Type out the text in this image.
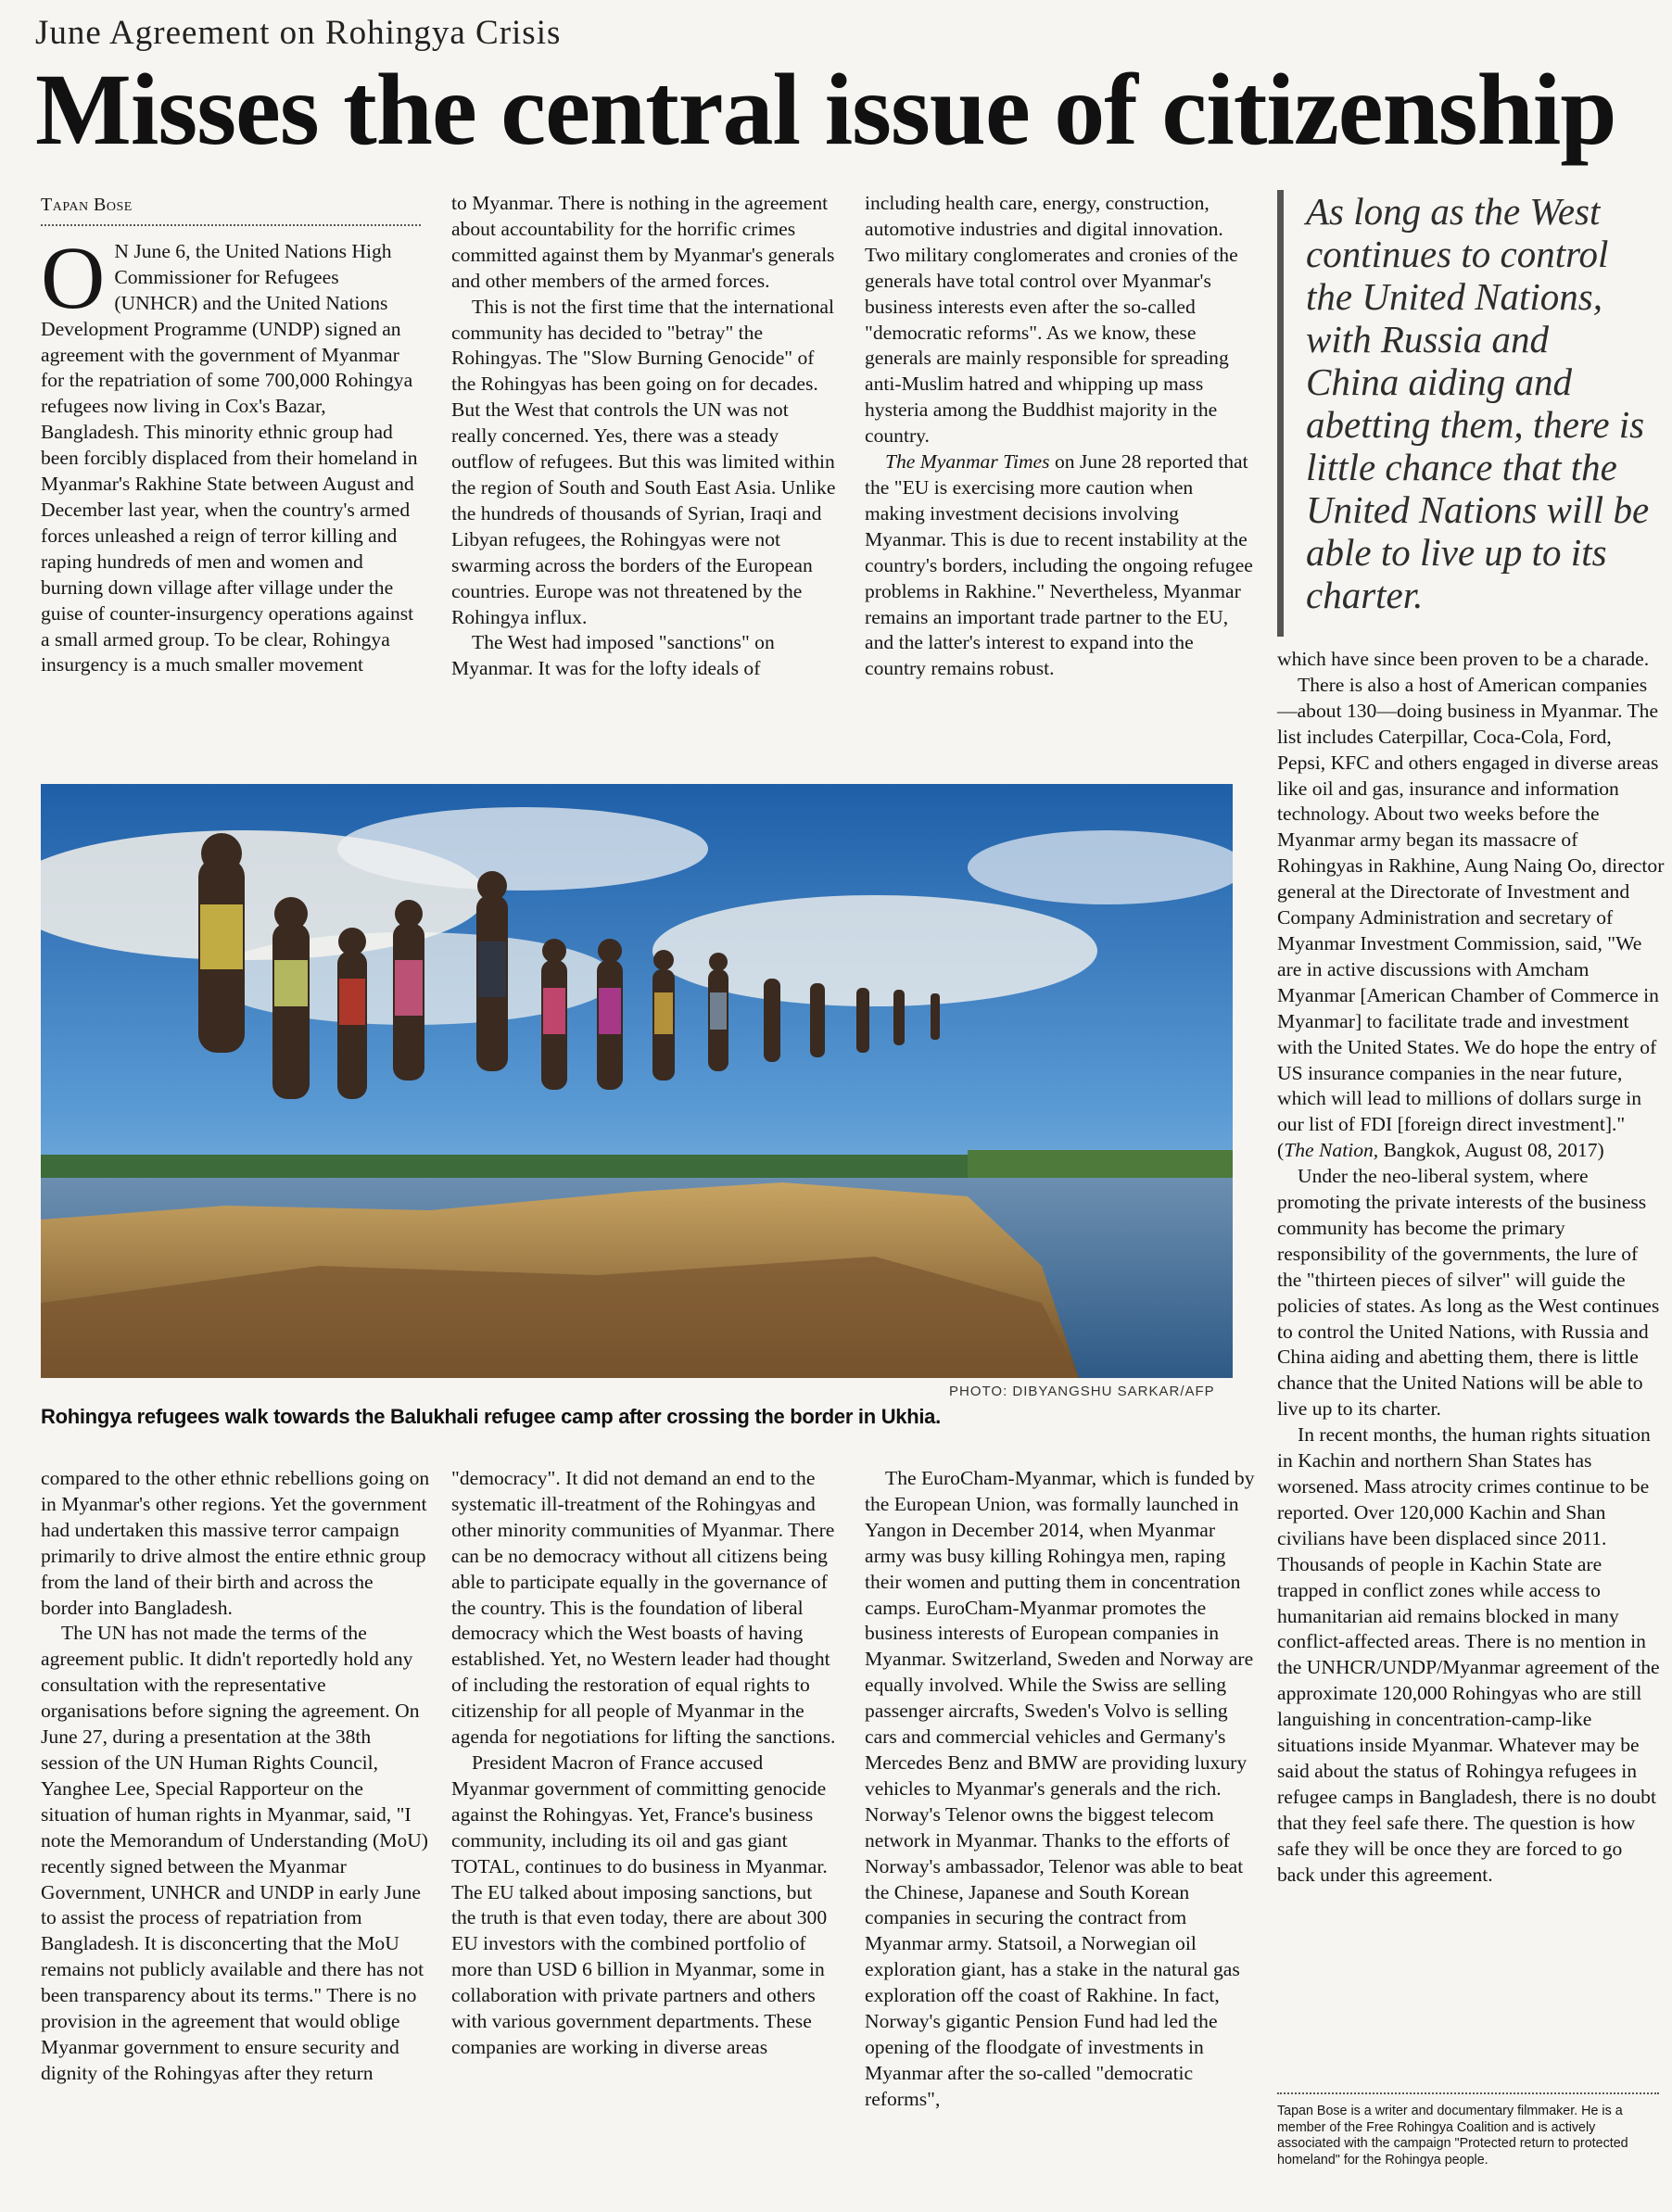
June Agreement on Rohingya Crisis
Misses the central issue of citizenship
Tapan Bose

O N June 6, the United Nations High Commissioner for Refugees (UNHCR) and the United Nations Development Programme (UNDP) signed an agreement with the government of Myanmar for the repatriation of some 700,000 Rohingya refugees now living in Cox's Bazar, Bangladesh. This minority ethnic group had been forcibly displaced from their homeland in Myanmar's Rakhine State between August and December last year, when the country's armed forces unleashed a reign of terror killing and raping hundreds of men and women and burning down village after village under the guise of counter-insurgency operations against a small armed group. To be clear, Rohingya insurgency is a much smaller movement

to Myanmar. There is nothing in the agreement about accountability for the horrific crimes committed against them by Myanmar's generals and other members of the armed forces.

This is not the first time that the international community has decided to "betray" the Rohingyas. The "Slow Burning Genocide" of the Rohingyas has been going on for decades. But the West that controls the UN was not really concerned. Yes, there was a steady outflow of refugees. But this was limited within the region of South and South East Asia. Unlike the hundreds of thousands of Syrian, Iraqi and Libyan refugees, the Rohingyas were not swarming across the borders of the European countries. Europe was not threatened by the Rohingya influx.

The West had imposed "sanctions" on Myanmar. It was for the lofty ideals of

including health care, energy, construction, automotive industries and digital innovation. Two military conglomerates and cronies of the generals have total control over Myanmar's business interests even after the so-called "democratic reforms". As we know, these generals are mainly responsible for spreading anti-Muslim hatred and whipping up mass hysteria among the Buddhist majority in the country.

The Myanmar Times on June 28 reported that the "EU is exercising more caution when making investment decisions involving Myanmar. This is due to recent instability at the country's borders, including the ongoing refugee problems in Rakhine." Nevertheless, Myanmar remains an important trade partner to the EU, and the latter's interest to expand into the country remains robust.

As long as the West continues to control the United Nations, with Russia and China aiding and abetting them, there is little chance that the United Nations will be able to live up to its charter.

which have since been proven to be a charade.

There is also a host of American companies—about 130—doing business in Myanmar. The list includes Caterpillar, Coca-Cola, Ford, Pepsi, KFC and others engaged in diverse areas like oil and gas, insurance and information technology. About two weeks before the Myanmar army began its massacre of Rohingyas in Rakhine, Aung Naing Oo, director general at the Directorate of Investment and Company Administration and secretary of Myanmar Investment Commission, said, "We are in active discussions with Amcham Myanmar [American Chamber of Commerce in Myanmar] to facilitate trade and investment with the United States. We do hope the entry of US insurance companies in the near future, which will lead to millions of dollars surge in our list of FDI [foreign direct investment]." (The Nation, Bangkok, August 08, 2017)

Under the neo-liberal system, where promoting the private interests of the business community has become the primary responsibility of the governments, the lure of the "thirteen pieces of silver" will guide the policies of states. As long as the West continues to control the United Nations, with Russia and China aiding and abetting them, there is little chance that the United Nations will be able to live up to its charter.

In recent months, the human rights situation in Kachin and northern Shan States has worsened. Mass atrocity crimes continue to be reported. Over 120,000 Kachin and Shan civilians have been displaced since 2011. Thousands of people in Kachin State are trapped in conflict zones while access to humanitarian aid remains blocked in many conflict-affected areas. There is no mention in the UNHCR/UNDP/Myanmar agreement of the approximate 120,000 Rohingyas who are still languishing in concentration-camp-like situations inside Myanmar. Whatever may be said about the status of Rohingya refugees in refugee camps in Bangladesh, there is no doubt that they feel safe there. The question is how safe they will be once they are forced to go back under this agreement.

PHOTO: DIBYANGSHU SARKAR/AFP
Rohingya refugees walk towards the Balukhali refugee camp after crossing the border in Ukhia.

compared to the other ethnic rebellions going on in Myanmar's other regions. Yet the government had undertaken this massive terror campaign primarily to drive almost the entire ethnic group from the land of their birth and across the border into Bangladesh.

The UN has not made the terms of the agreement public. It didn't reportedly hold any consultation with the representative organisations before signing the agreement. On June 27, during a presentation at the 38th session of the UN Human Rights Council, Yanghee Lee, Special Rapporteur on the situation of human rights in Myanmar, said, "I note the Memorandum of Understanding (MoU) recently signed between the Myanmar Government, UNHCR and UNDP in early June to assist the process of repatriation from Bangladesh. It is disconcerting that the MoU remains not publicly available and there has not been transparency about its terms." There is no provision in the agreement that would oblige Myanmar government to ensure security and dignity of the Rohingyas after they return

"democracy". It did not demand an end to the systematic ill-treatment of the Rohingyas and other minority communities of Myanmar. There can be no democracy without all citizens being able to participate equally in the governance of the country. This is the foundation of liberal democracy which the West boasts of having established. Yet, no Western leader had thought of including the restoration of equal rights to citizenship for all people of Myanmar in the agenda for negotiations for lifting the sanctions.

President Macron of France accused Myanmar government of committing genocide against the Rohingyas. Yet, France's business community, including its oil and gas giant TOTAL, continues to do business in Myanmar. The EU talked about imposing sanctions, but the truth is that even today, there are about 300 EU investors with the combined portfolio of more than USD 6 billion in Myanmar, some in collaboration with private partners and others with various government departments. These companies are working in diverse areas

The EuroCham-Myanmar, which is funded by the European Union, was formally launched in Yangon in December 2014, when Myanmar army was busy killing Rohingya men, raping their women and putting them in concentration camps. EuroCham-Myanmar promotes the business interests of European companies in Myanmar. Switzerland, Sweden and Norway are equally involved. While the Swiss are selling passenger aircrafts, Sweden's Volvo is selling cars and commercial vehicles and Germany's Mercedes Benz and BMW are providing luxury vehicles to Myanmar's generals and the rich. Norway's Telenor owns the biggest telecom network in Myanmar. Thanks to the efforts of Norway's ambassador, Telenor was able to beat the Chinese, Japanese and South Korean companies in securing the contract from Myanmar army. Statsoil, a Norwegian oil exploration giant, has a stake in the natural gas exploration off the coast of Rakhine. In fact, Norway's gigantic Pension Fund had led the opening of the floodgate of investments in Myanmar after the so-called "democratic reforms",

Tapan Bose is a writer and documentary filmmaker. He is a member of the Free Rohingya Coalition and is actively associated with the campaign "Protected return to protected homeland" for the Rohingya people.
